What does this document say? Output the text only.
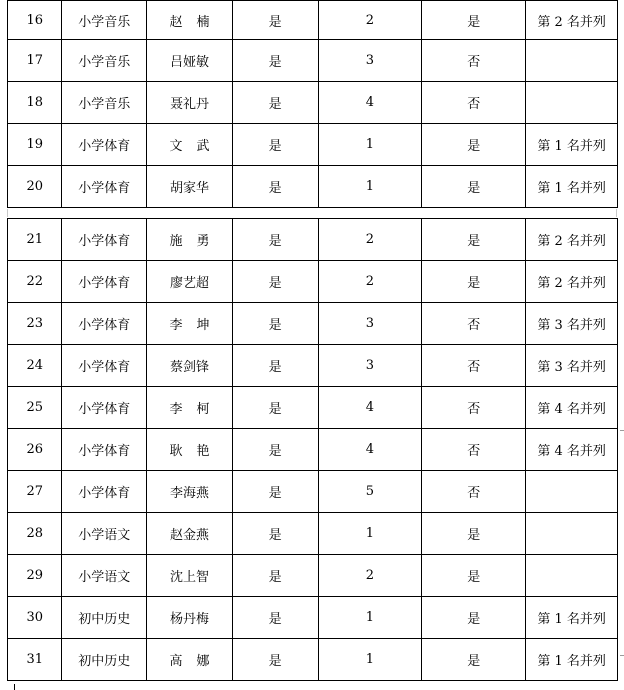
16	小学音乐	赵楠	是	2	是	第 2 名并列
17	小学音乐	吕娅敏	是	3	否	
18	小学音乐	聂礼丹	是	4	否	
19	小学体育	文武	是	1	是	第 1 名并列
20	小学体育	胡家华	是	1	是	第 1 名并列
21	小学体育	施勇	是	2	是	第 2 名并列
22	小学体育	廖艺超	是	2	是	第 2 名并列
23	小学体育	李坤	是	3	否	第 3 名并列
24	小学体育	蔡剑锋	是	3	否	第 3 名并列
25	小学体育	李柯	是	4	否	第 4 名并列
26	小学体育	耿艳	是	4	否	第 4 名并列
27	小学体育	李海燕	是	5	否	
28	小学语文	赵金燕	是	1	是	
29	小学语文	沈上智	是	2	是	
30	初中历史	杨丹梅	是	1	是	第 1 名并列
31	初中历史	高娜	是	1	是	第 1 名并列
